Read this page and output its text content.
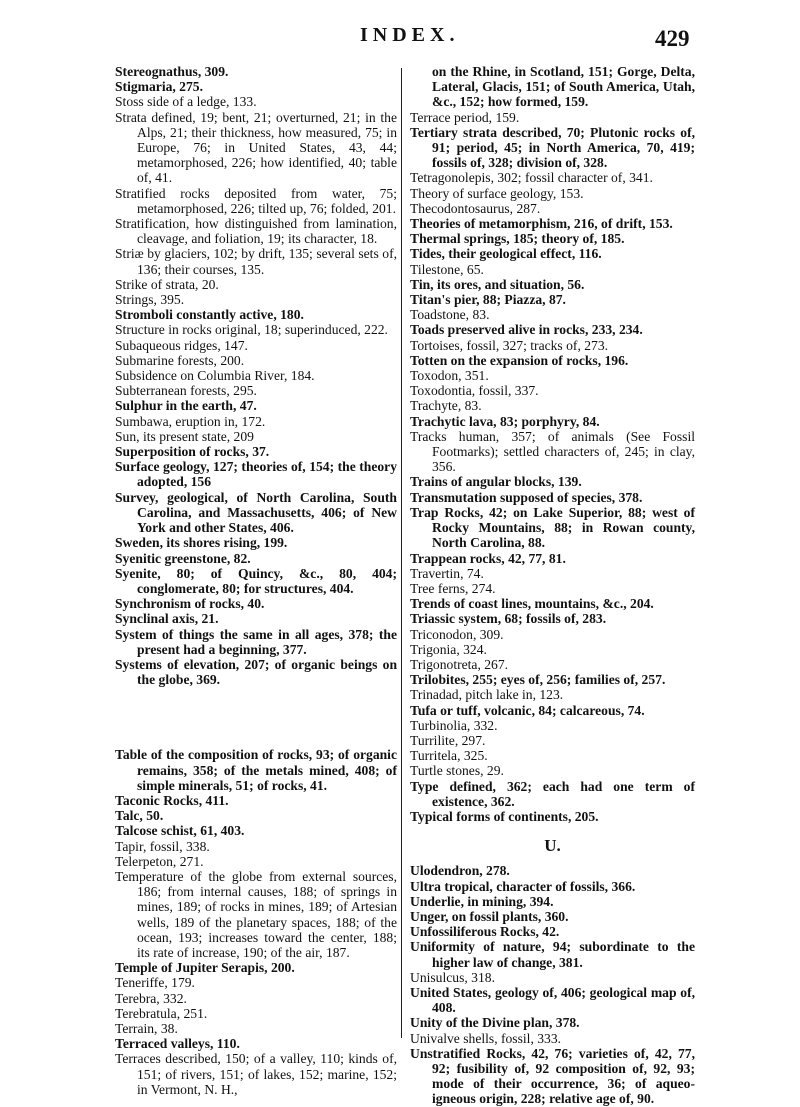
INDEX.	429

Stereognathus, 309.

Stigmaria, 275.

Stoss side of a ledge, 133.

Strata defined, 19; bent, 21; overturned, 21; in the Alps, 21; their thickness, how measured, 75; in Europe, 76; in United States, 43, 44; metamorphosed, 226; how identified, 40; table of, 41.

Stratified rocks deposited from water, 75; metamorphosed, 226; tilted up, 76; folded, 201.

Stratification, how distinguished from lamination, cleavage, and foliation, 19; its character, 18.

Striæ by glaciers, 102; by drift, 135; several sets of, 136; their courses, 135.

Strike of strata, 20.

Strings, 395.

Stromboli constantly active, 180.

Structure in rocks original, 18; superinduced, 222.

Subaqueous ridges, 147.

Submarine forests, 200.

Subsidence on Columbia River, 184.

Subterranean forests, 295.

Sulphur in the earth, 47.

Sumbawa, eruption in, 172.

Sun, its present state, 209

Superposition of rocks, 37.

Surface geology, 127; theories of, 154; the theory adopted, 156

Survey, geological, of North Carolina, South Carolina, and Massachusetts, 406; of New York and other States, 406.

Sweden, its shores rising, 199.

Syenitic greenstone, 82.

Syenite, 80; of Quincy, &c., 80, 404; conglomerate, 80; for structures, 404.

Synchronism of rocks, 40.

Synclinal axis, 21.

System of things the same in all ages, 378; the present had a beginning, 377.

Systems of elevation, 207; of organic beings on the globe, 369.

Table of the composition of rocks, 93; of organic remains, 358; of the metals mined, 408; of simple minerals, 51; of rocks, 41.

Taconic Rocks, 411.

Talc, 50.

Talcose schist, 61, 403.

Tapir, fossil, 338.

Telerpeton, 271.

Temperature of the globe from external sources, 186; from internal causes, 188; of springs in mines, 189; of rocks in mines, 189; of Artesian wells, 189 of the planetary spaces, 188; of the ocean, 193; increases toward the center, 188; its rate of increase, 190; of the air, 187.

Temple of Jupiter Serapis, 200.

Teneriffe, 179.

Terebra, 332.

Terebratula, 251.

Terrain, 38.

Terraced valleys, 110.

Terraces described, 150; of a valley, 110; kinds of, 151; of rivers, 151; of lakes, 152; marine, 152; in Vermont, N. H.,

on the Rhine, in Scotland, 151; Gorge, Delta, Lateral, Glacis, 151; of South America, Utah, &c., 152; how formed, 159.

Terrace period, 159.

Tertiary strata described, 70; Plutonic rocks of, 91; period, 45; in North America, 70, 419; fossils of, 328; division of, 328.

Tetragonolepis, 302; fossil character of, 341.

Theory of surface geology, 153.

Thecodontosaurus, 287.

Theories of metamorphism, 216, of drift, 153.

Thermal springs, 185; theory of, 185.

Tides, their geological effect, 116.

Tilestone, 65.

Tin, its ores, and situation, 56.

Titan's pier, 88; Piazza, 87.

Toadstone, 83.

Toads preserved alive in rocks, 233, 234.

Tortoises, fossil, 327; tracks of, 273.

Totten on the expansion of rocks, 196.

Toxodon, 351.

Toxodontia, fossil, 337.

Trachyte, 83.

Trachytic lava, 83; porphyry, 84.

Tracks human, 357; of animals (See Fossil Footmarks); settled characters of, 245; in clay, 356.

Trains of angular blocks, 139.

Transmutation supposed of species, 378.

Trap Rocks, 42; on Lake Superior, 88; west of Rocky Mountains, 88; in Rowan county, North Carolina, 88.

Trappean rocks, 42, 77, 81.

Travertin, 74.

Tree ferns, 274.

Trends of coast lines, mountains, &c., 204.

Triassic system, 68; fossils of, 283.

Triconodon, 309.

Trigonia, 324.

Trigonotreta, 267.

Trilobites, 255; eyes of, 256; families of, 257.

Trinadad, pitch lake in, 123.

Tufa or tuff, volcanic, 84; calcareous, 74.

Turbinolia, 332.

Turrilite, 297.

Turritela, 325.

Turtle stones, 29.

Type defined, 362; each had one term of existence, 362.

Typical forms of continents, 205.

U.

Ulodendron, 278.

Ultra tropical, character of fossils, 366.

Underlie, in mining, 394.

Unger, on fossil plants, 360.

Unfossiliferous Rocks, 42.

Uniformity of nature, 94; subordinate to the higher law of change, 381.

Unisulcus, 318.

United States, geology of, 406; geological map of, 408.

Unity of the Divine plan, 378.

Univalve shells, fossil, 333.

Unstratified Rocks, 42, 76; varieties of, 42, 77, 92; fusibility of, 92 composition of, 92, 93; mode of their occurrence, 36; of aqueo-igneous origin, 228; relative age of, 90.
